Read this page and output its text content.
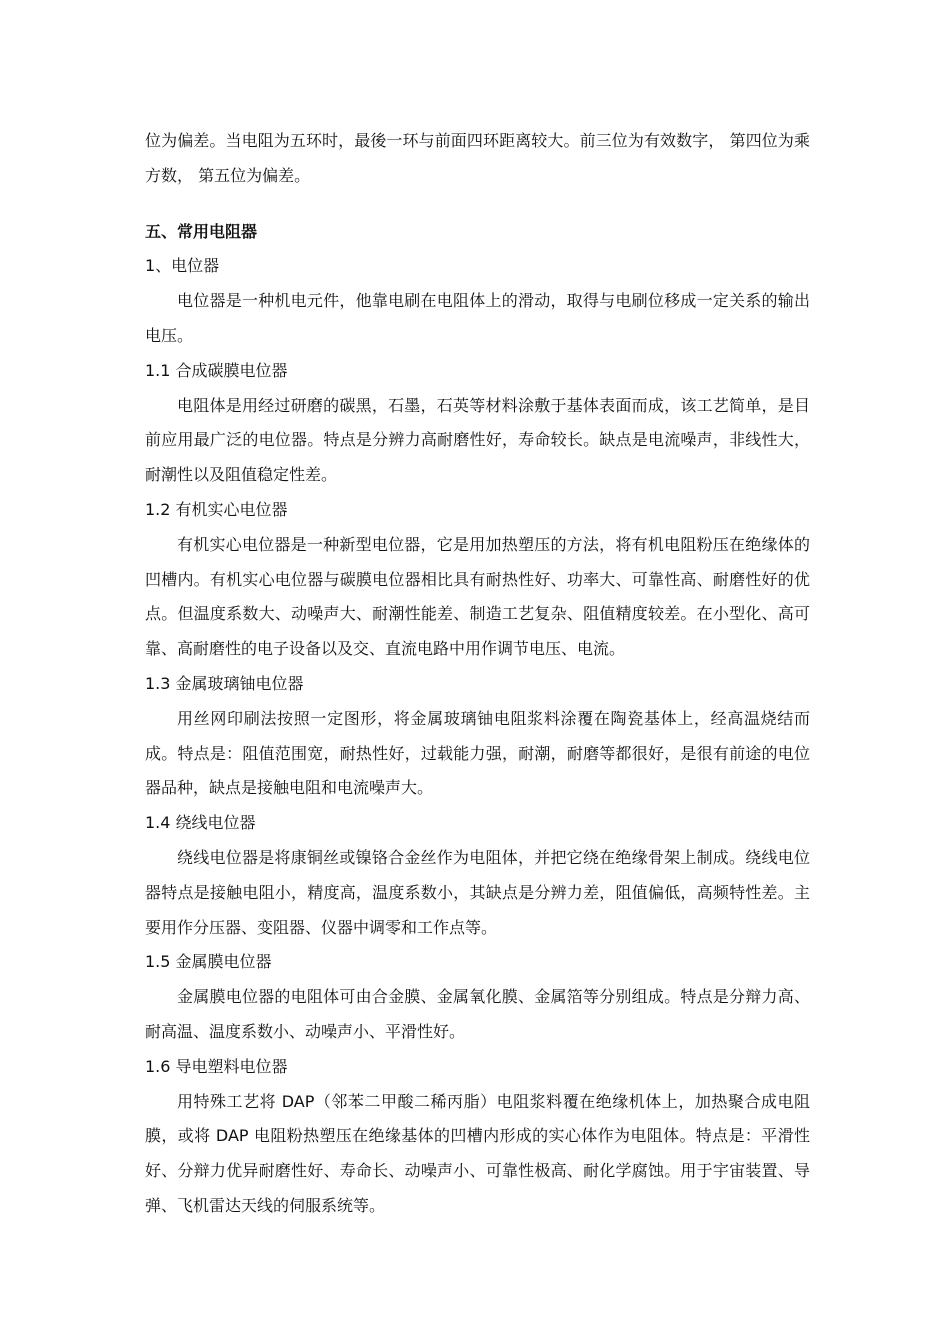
位为偏差。当电阻为五环时，最後一环与前面四环距离较大。前三位为有效数字， 第四位为乘方数， 第五位为偏差。

五、常用电阻器

1、电位器

电位器是一种机电元件，他靠电刷在电阻体上的滑动，取得与电刷位移成一定关系的输出电压。

1.1 合成碳膜电位器

电阻体是用经过研磨的碳黑，石墨，石英等材料涂敷于基体表面而成，该工艺简单，是目前应用最广泛的电位器。特点是分辨力高耐磨性好，寿命较长。缺点是电流噪声，非线性大， 耐潮性以及阻值稳定性差。

1.2 有机实心电位器

有机实心电位器是一种新型电位器，它是用加热塑压的方法，将有机电阻粉压在绝缘体的凹槽内。有机实心电位器与碳膜电位器相比具有耐热性好、功率大、可靠性高、耐磨性好的优点。但温度系数大、动噪声大、耐潮性能差、制造工艺复杂、阻值精度较差。在小型化、高可靠、高耐磨性的电子设备以及交、直流电路中用作调节电压、电流。

1.3 金属玻璃铀电位器

用丝网印刷法按照一定图形，将金属玻璃铀电阻浆料涂覆在陶瓷基体上，经高温烧结而成。特点是：阻值范围宽，耐热性好，过载能力强，耐潮，耐磨等都很好，是很有前途的电位器品种，缺点是接触电阻和电流噪声大。

1.4 绕线电位器

绕线电位器是将康铜丝或镍铬合金丝作为电阻体，并把它绕在绝缘骨架上制成。绕线电位器特点是接触电阻小，精度高，温度系数小，其缺点是分辨力差，阻值偏低，高频特性差。主要用作分压器、变阻器、仪器中调零和工作点等。

1.5 金属膜电位器

金属膜电位器的电阻体可由合金膜、金属氧化膜、金属箔等分别组成。特点是分辩力高、耐高温、温度系数小、动噪声小、平滑性好。

1.6 导电塑料电位器

用特殊工艺将 DAP（邻苯二甲酸二稀丙脂）电阻浆料覆在绝缘机体上，加热聚合成电阻膜，或将 DAP 电阻粉热塑压在绝缘基体的凹槽内形成的实心体作为电阻体。特点是：平滑性好、分辩力优异耐磨性好、寿命长、动噪声小、可靠性极高、耐化学腐蚀。用于宇宙装置、导弹、飞机雷达天线的伺服系统等。
